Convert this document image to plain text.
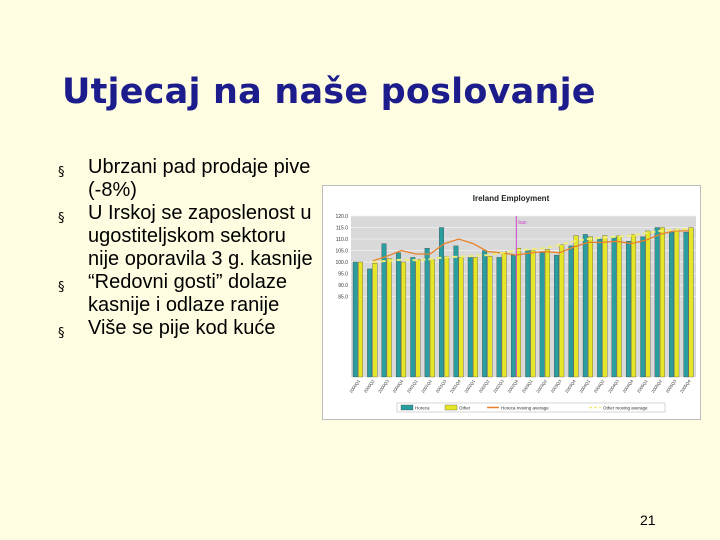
Utjecaj na naše poslovanje
§ Ubrzani pad prodaje pive (-8%)
§ U Irskoj se zaposlenost u ugostiteljskom sektoru nije oporavila 3 g. kasnije
§ “Redovni gosti” dolaze kasnije i odlaze ranije
§ Više se pije kod kuće
Ireland Employment
120.0
115.0
110.0
105.0
100.0
95.0
90.0
85.0
ban
2000Q1 2000Q2 2000Q3 2000Q4 2001Q1 2001Q2 2001Q3 2001Q4 2002Q1 2002Q2 2002Q3 2002Q4 2003Q1 2003Q2 2003Q3 2003Q4 2004Q1 2004Q2 2004Q3 2004Q4 2005Q1 2005Q2 2005Q3 2005Q4
Horeca	Other	Horeca moving average	Other moving average
21
